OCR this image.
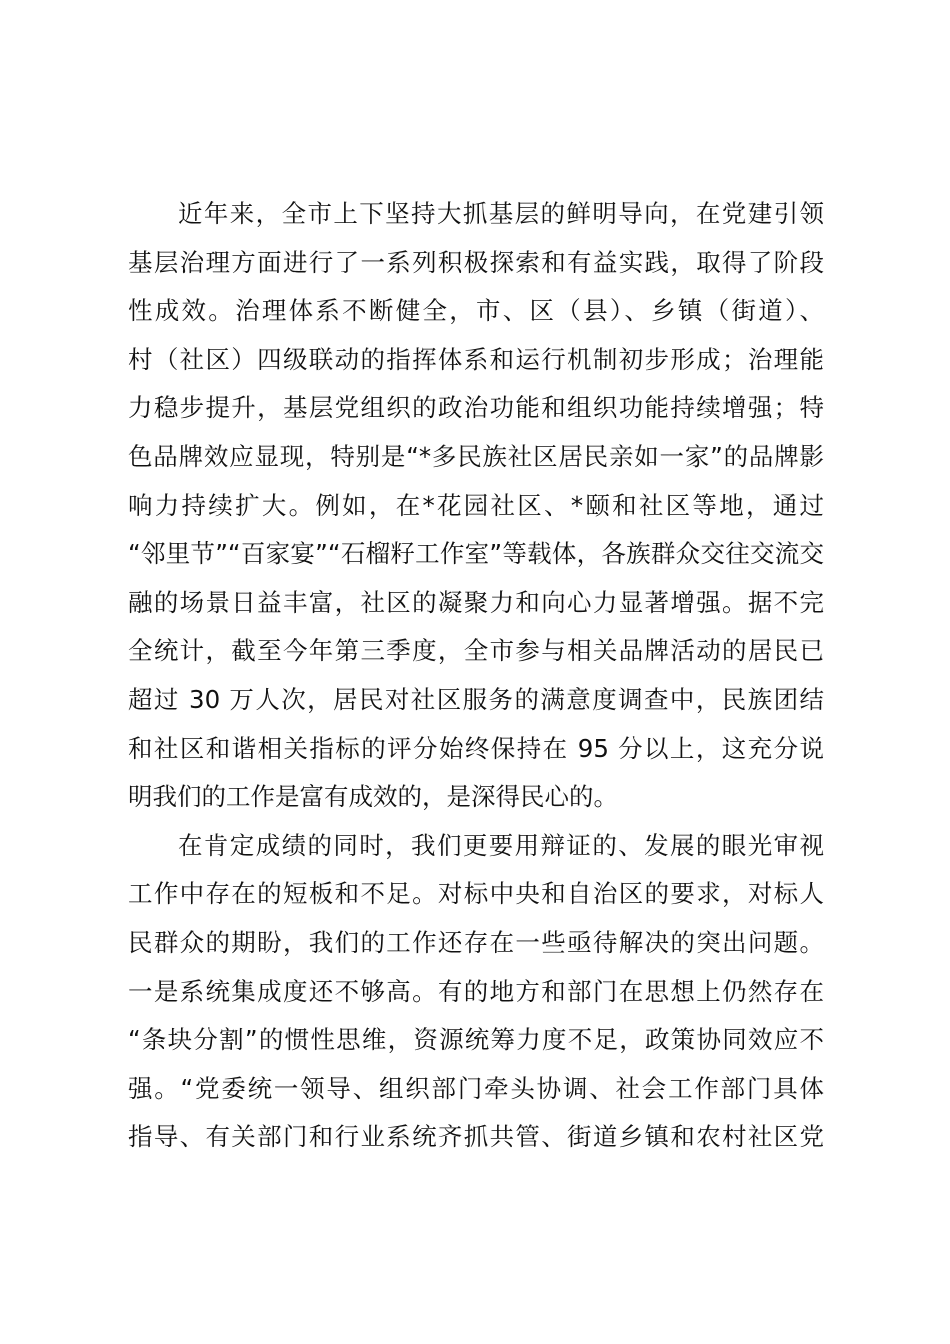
近年来，全市上下坚持大抓基层的鲜明导向，在党建引领
基层治理方面进行了一系列积极探索和有益实践，取得了阶段
性成效。治理体系不断健全，市、区（县）、乡镇（街道）、
村（社区）四级联动的指挥体系和运行机制初步形成；治理能
力稳步提升，基层党组织的政治功能和组织功能持续增强；特
色品牌效应显现，特别是“*多民族社区居民亲如一家”的品牌影
响力持续扩大。例如，在*花园社区、*颐和社区等地，通过
“邻里节”“百家宴”“石榴籽工作室”等载体，各族群众交往交流交
融的场景日益丰富，社区的凝聚力和向心力显著增强。据不完
全统计，截至今年第三季度，全市参与相关品牌活动的居民已
超过 30 万人次，居民对社区服务的满意度调查中，民族团结
和社区和谐相关指标的评分始终保持在 95 分以上，这充分说
明我们的工作是富有成效的，是深得民心的。
在肯定成绩的同时，我们更要用辩证的、发展的眼光审视
工作中存在的短板和不足。对标中央和自治区的要求，对标人
民群众的期盼，我们的工作还存在一些亟待解决的突出问题。
一是系统集成度还不够高。有的地方和部门在思想上仍然存在
“条块分割”的惯性思维，资源统筹力度不足，政策协同效应不
强。“党委统一领导、组织部门牵头协调、社会工作部门具体
指导、有关部门和行业系统齐抓共管、街道乡镇和农村社区党
